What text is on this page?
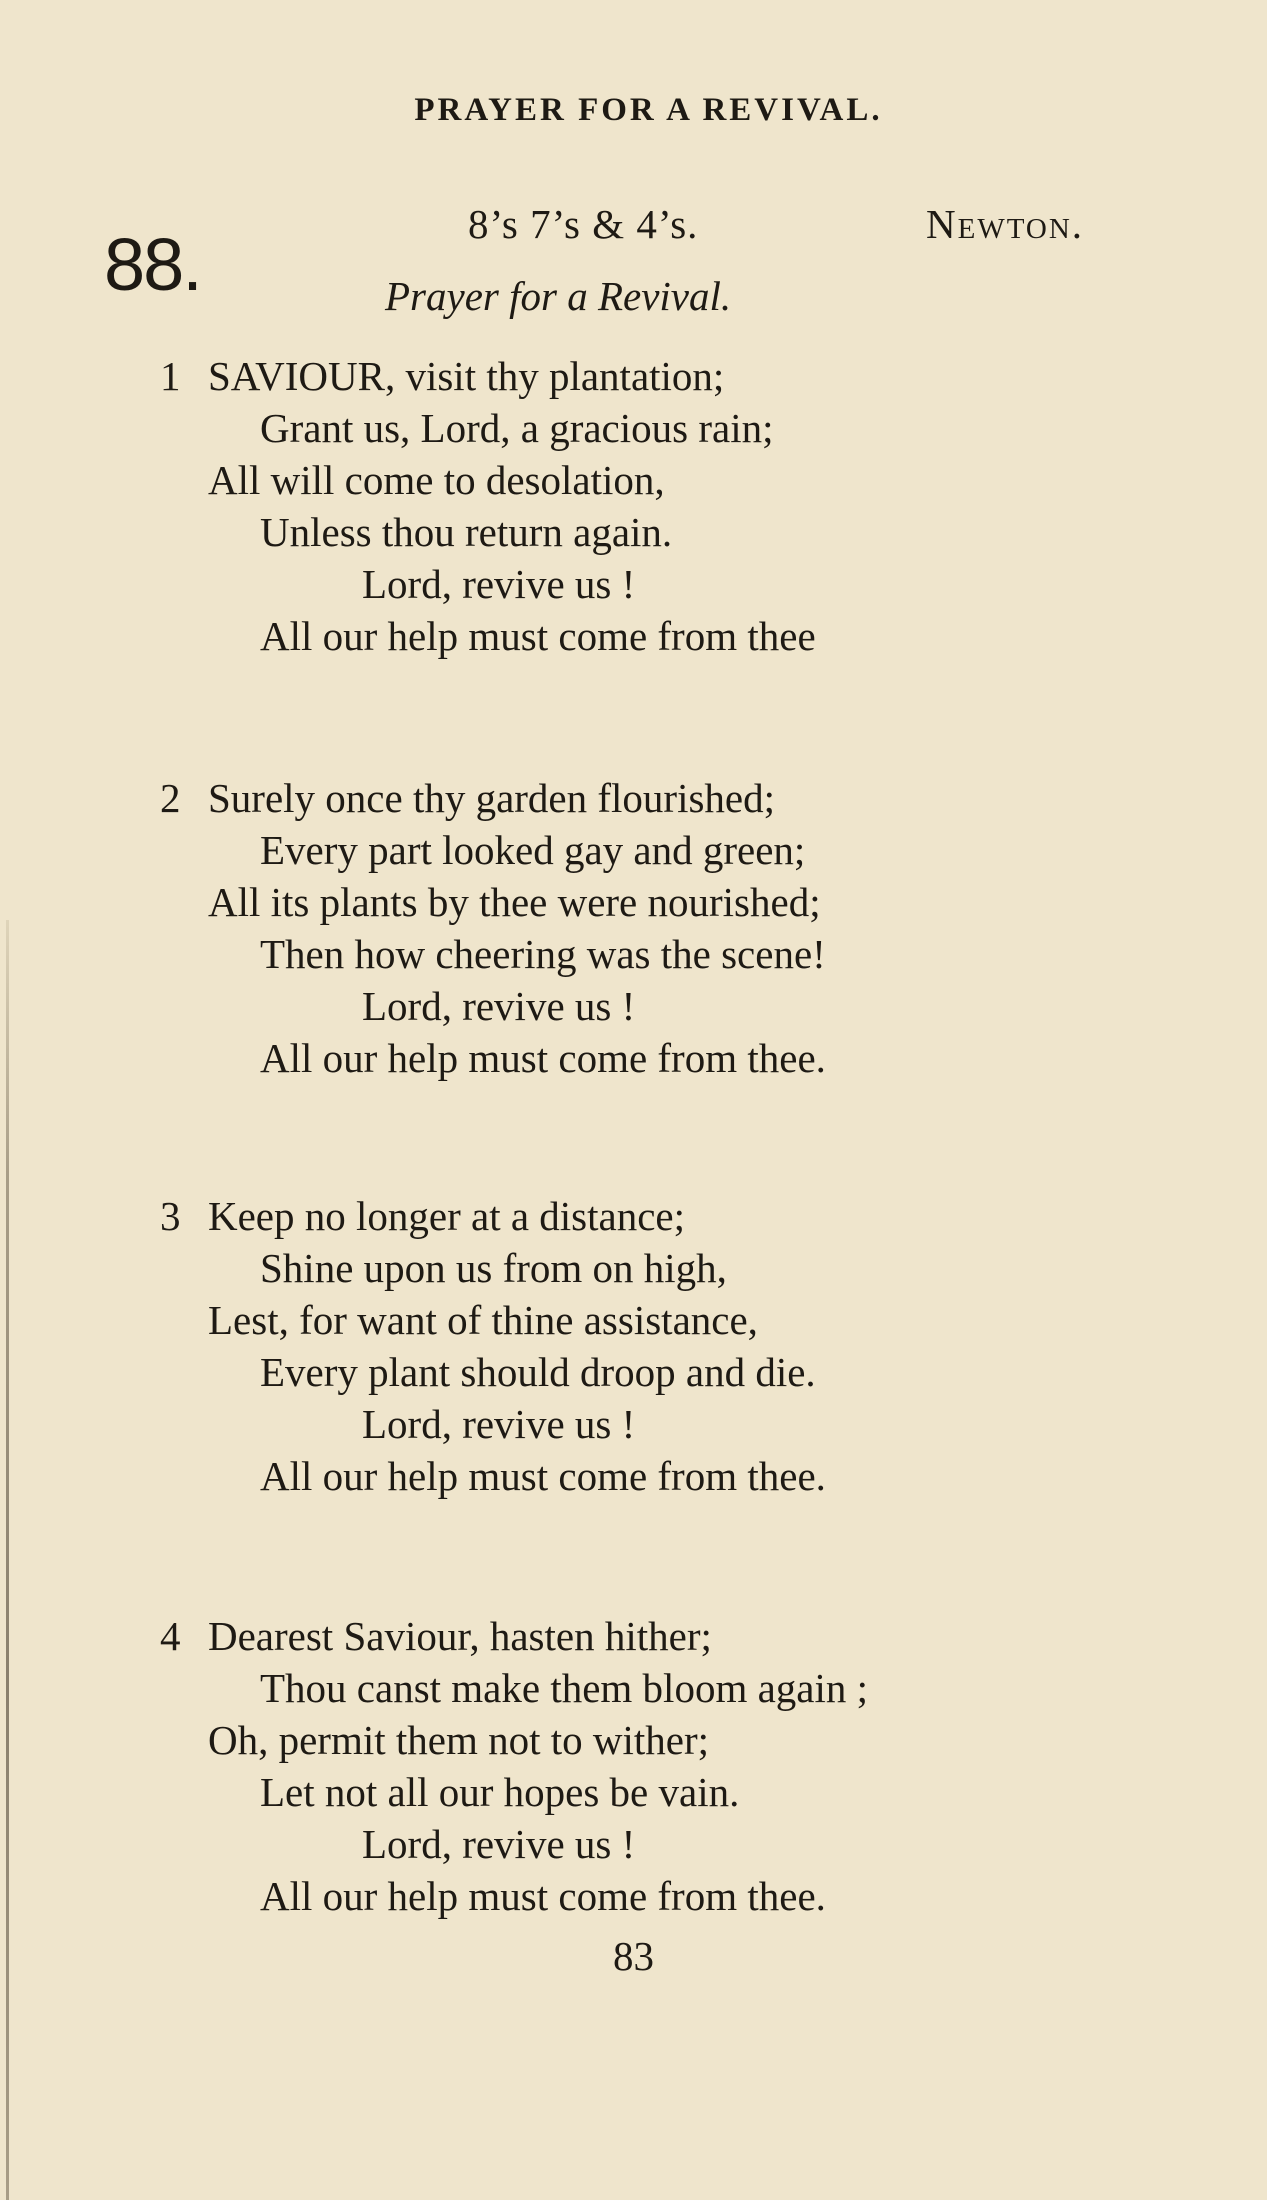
PRAYER FOR A REVIVAL.
88.	8’s 7’s & 4’s.	Newton.
Prayer for a Revival.
1 SAVIOUR, visit thy plantation;
Grant us, Lord, a gracious rain;
All will come to desolation,
Unless thou return again.
Lord, revive us !
All our help must come from thee
2 Surely once thy garden flourished;
Every part looked gay and green;
All its plants by thee were nourished;
Then how cheering was the scene!
Lord, revive us !
All our help must come from thee.
3 Keep no longer at a distance;
Shine upon us from on high,
Lest, for want of thine assistance,
Every plant should droop and die.
Lord, revive us !
All our help must come from thee.
4 Dearest Saviour, hasten hither;
Thou canst make them bloom again ;
Oh, permit them not to wither;
Let not all our hopes be vain.
Lord, revive us !
All our help must come from thee.
83
